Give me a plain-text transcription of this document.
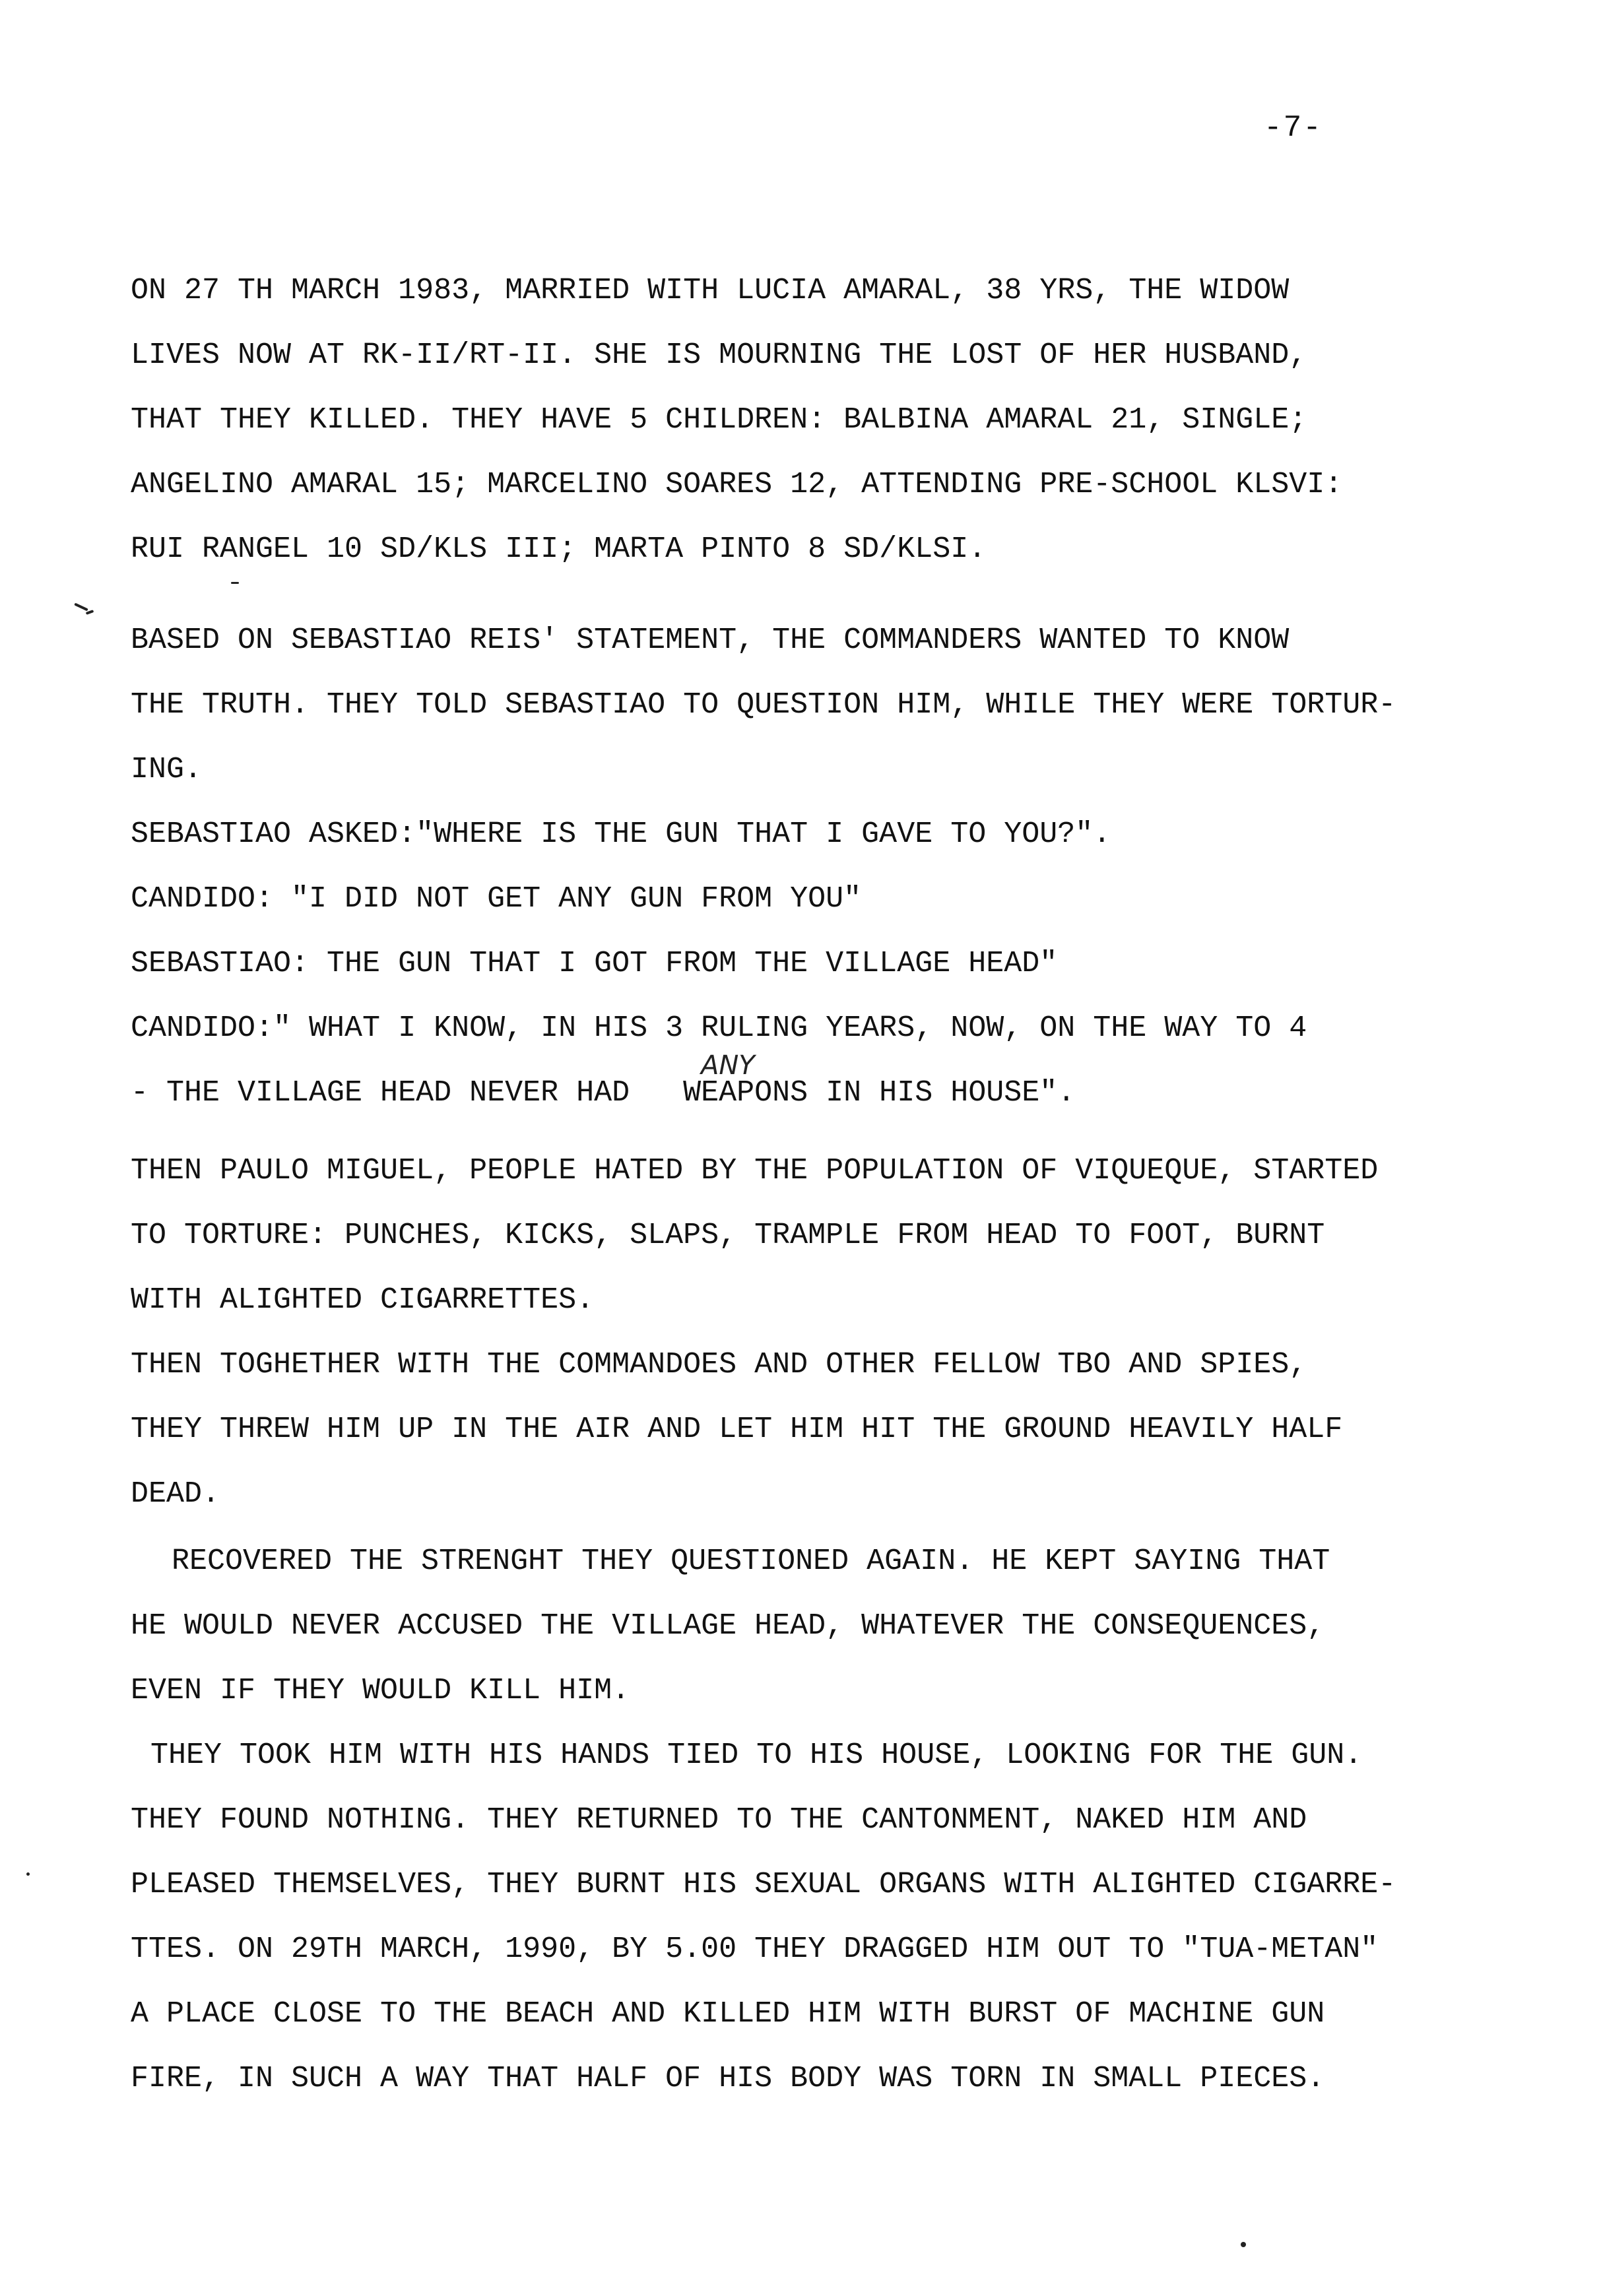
-7-
ANY
ON 27 TH MARCH 1983, MARRIED WITH LUCIA AMARAL, 38 YRS, THE WIDOW
LIVES NOW AT RK-II/RT-II. SHE IS MOURNING THE LOST OF HER HUSBAND,
THAT THEY KILLED. THEY HAVE 5 CHILDREN: BALBINA AMARAL 21, SINGLE;
ANGELINO AMARAL 15; MARCELINO SOARES 12, ATTENDING PRE-SCHOOL KLSVI:
RUI RANGEL 10 SD/KLS III; MARTA PINTO 8 SD/KLSI.
BASED ON SEBASTIAO REIS' STATEMENT, THE COMMANDERS WANTED TO KNOW
THE TRUTH. THEY TOLD SEBASTIAO TO QUESTION HIM, WHILE THEY WERE TORTUR-
ING.
SEBASTIAO ASKED:"WHERE IS THE GUN THAT I GAVE TO YOU?".
CANDIDO: "I DID NOT GET ANY GUN FROM YOU"
SEBASTIAO: THE GUN THAT I GOT FROM THE VILLAGE HEAD"
CANDIDO:" WHAT I KNOW, IN HIS 3 RULING YEARS, NOW, ON THE WAY TO 4
- THE VILLAGE HEAD NEVER HAD   WEAPONS IN HIS HOUSE".
THEN PAULO MIGUEL, PEOPLE HATED BY THE POPULATION OF VIQUEQUE, STARTED
TO TORTURE: PUNCHES, KICKS, SLAPS, TRAMPLE FROM HEAD TO FOOT, BURNT
WITH ALIGHTED CIGARRETTES.
THEN TOGHETHER WITH THE COMMANDOES AND OTHER FELLOW TBO AND SPIES,
THEY THREW HIM UP IN THE AIR AND LET HIM HIT THE GROUND HEAVILY HALF
DEAD.
RECOVERED THE STRENGHT THEY QUESTIONED AGAIN. HE KEPT SAYING THAT
HE WOULD NEVER ACCUSED THE VILLAGE HEAD, WHATEVER THE CONSEQUENCES,
EVEN IF THEY WOULD KILL HIM.
THEY TOOK HIM WITH HIS HANDS TIED TO HIS HOUSE, LOOKING FOR THE GUN.
THEY FOUND NOTHING. THEY RETURNED TO THE CANTONMENT, NAKED HIM AND
PLEASED THEMSELVES, THEY BURNT HIS SEXUAL ORGANS WITH ALIGHTED CIGARRE-
TTES. ON 29TH MARCH, 1990, BY 5.00 THEY DRAGGED HIM OUT TO "TUA-METAN"
A PLACE CLOSE TO THE BEACH AND KILLED HIM WITH BURST OF MACHINE GUN
FIRE, IN SUCH A WAY THAT HALF OF HIS BODY WAS TORN IN SMALL PIECES.
